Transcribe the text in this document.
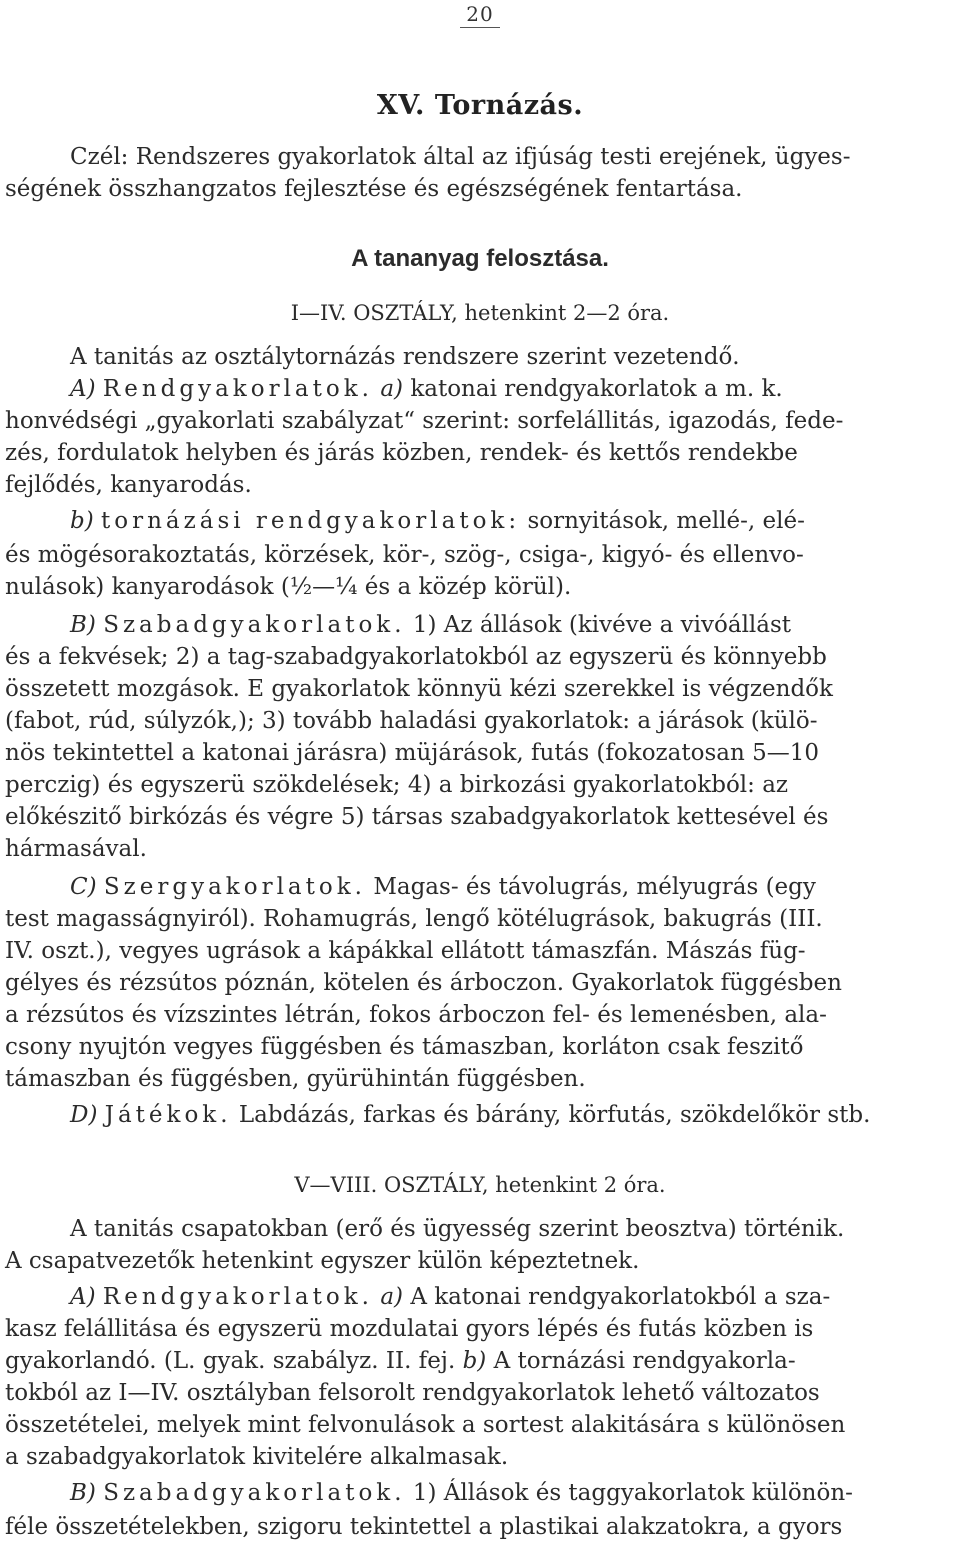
20
XV. Tornázás.
Czél: Rendszeres gyakorlatok által az ifjúság testi erejének, ügyes-
ségének összhangzatos fejlesztése és egészségének fentartása.
A tananyag felosztása.
I—IV. OSZTÁLY, hetenkint 2—2 óra.
A tanitás az osztálytornázás rendszere szerint vezetendő.
A) Rendgyakorlatok. a) katonai rendgyakorlatok a m. k.
honvédségi „gyakorlati szabályzat“ szerint: sorfelállitás, igazodás, fede-
zés, fordulatok helyben és járás közben, rendek- és kettős rendekbe
fejlődés, kanyarodás.
b) tornázási rendgyakorlatok: sornyitások, mellé-, elé-
és mögésorakoztatás, körzések, kör-, szög-, csiga-, kigyó- és ellenvo-
nulások) kanyarodások (½—¼ és a közép körül).
B) Szabadgyakorlatok. 1) Az állások (kivéve a vivóállást
és a fekvések; 2) a tag-szabadgyakorlatokból az egyszerü és könnyebb
összetett mozgások. E gyakorlatok könnyü kézi szerekkel is végzendők
(fabot, rúd, súlyzók,); 3) tovább haladási gyakorlatok: a járások (külö-
nös tekintettel a katonai járásra) müjárások, futás (fokozatosan 5—10
perczig) és egyszerü szökdelések; 4) a birkozási gyakorlatokból: az
előkészitő birkózás és végre 5) társas szabadgyakorlatok kettesével és
hármasával.
C) Szergyakorlatok. Magas- és távolugrás, mélyugrás (egy
test magasságnyiról). Rohamugrás, lengő kötélugrások, bakugrás (III.
IV. oszt.), vegyes ugrások a kápákkal ellátott támaszfán. Mászás füg-
gélyes és rézsútos póznán, kötelen és árboczon. Gyakorlatok függésben
a rézsútos és vízszintes létrán, fokos árboczon fel- és lemenésben, ala-
csony nyujtón vegyes függésben és támaszban, korláton csak feszitő
támaszban és függésben, gyürühintán függésben.
D) Játékok. Labdázás, farkas és bárány, körfutás, szökdelőkör stb.
V—VIII. OSZTÁLY, hetenkint 2 óra.
A tanitás csapatokban (erő és ügyesség szerint beosztva) történik.
A csapatvezetők hetenkint egyszer külön képeztetnek.
A) Rendgyakorlatok. a) A katonai rendgyakorlatokból a sza-
kasz felállitása és egyszerü mozdulatai gyors lépés és futás közben is
gyakorlandó. (L. gyak. szabályz. II. fej. b) A tornázási rendgyakorla-
tokból az I—IV. osztályban felsorolt rendgyakorlatok lehető változatos
összetételei, melyek mint felvonulások a sortest alakitására s különösen
a szabadgyakorlatok kivitelére alkalmasak.
B) Szabadgyakorlatok. 1) Állások és taggyakorlatok különön-
féle összetételekben, szigoru tekintettel a plastikai alakzatokra, a gyors
